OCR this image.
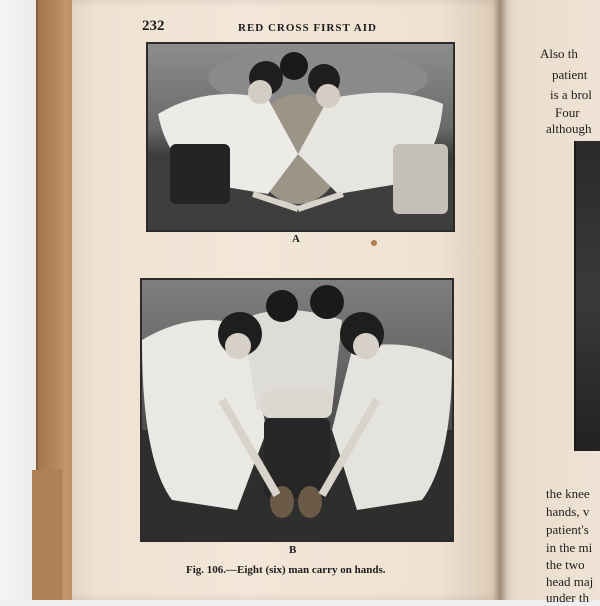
232	RED CROSS FIRST AID
A
B
Fig. 106.—Eight (six) man carry on hands.
Also th
patient
is a brol
Four
although
the knee
hands, v
patient's
in the mi
the two
head maj
under th
